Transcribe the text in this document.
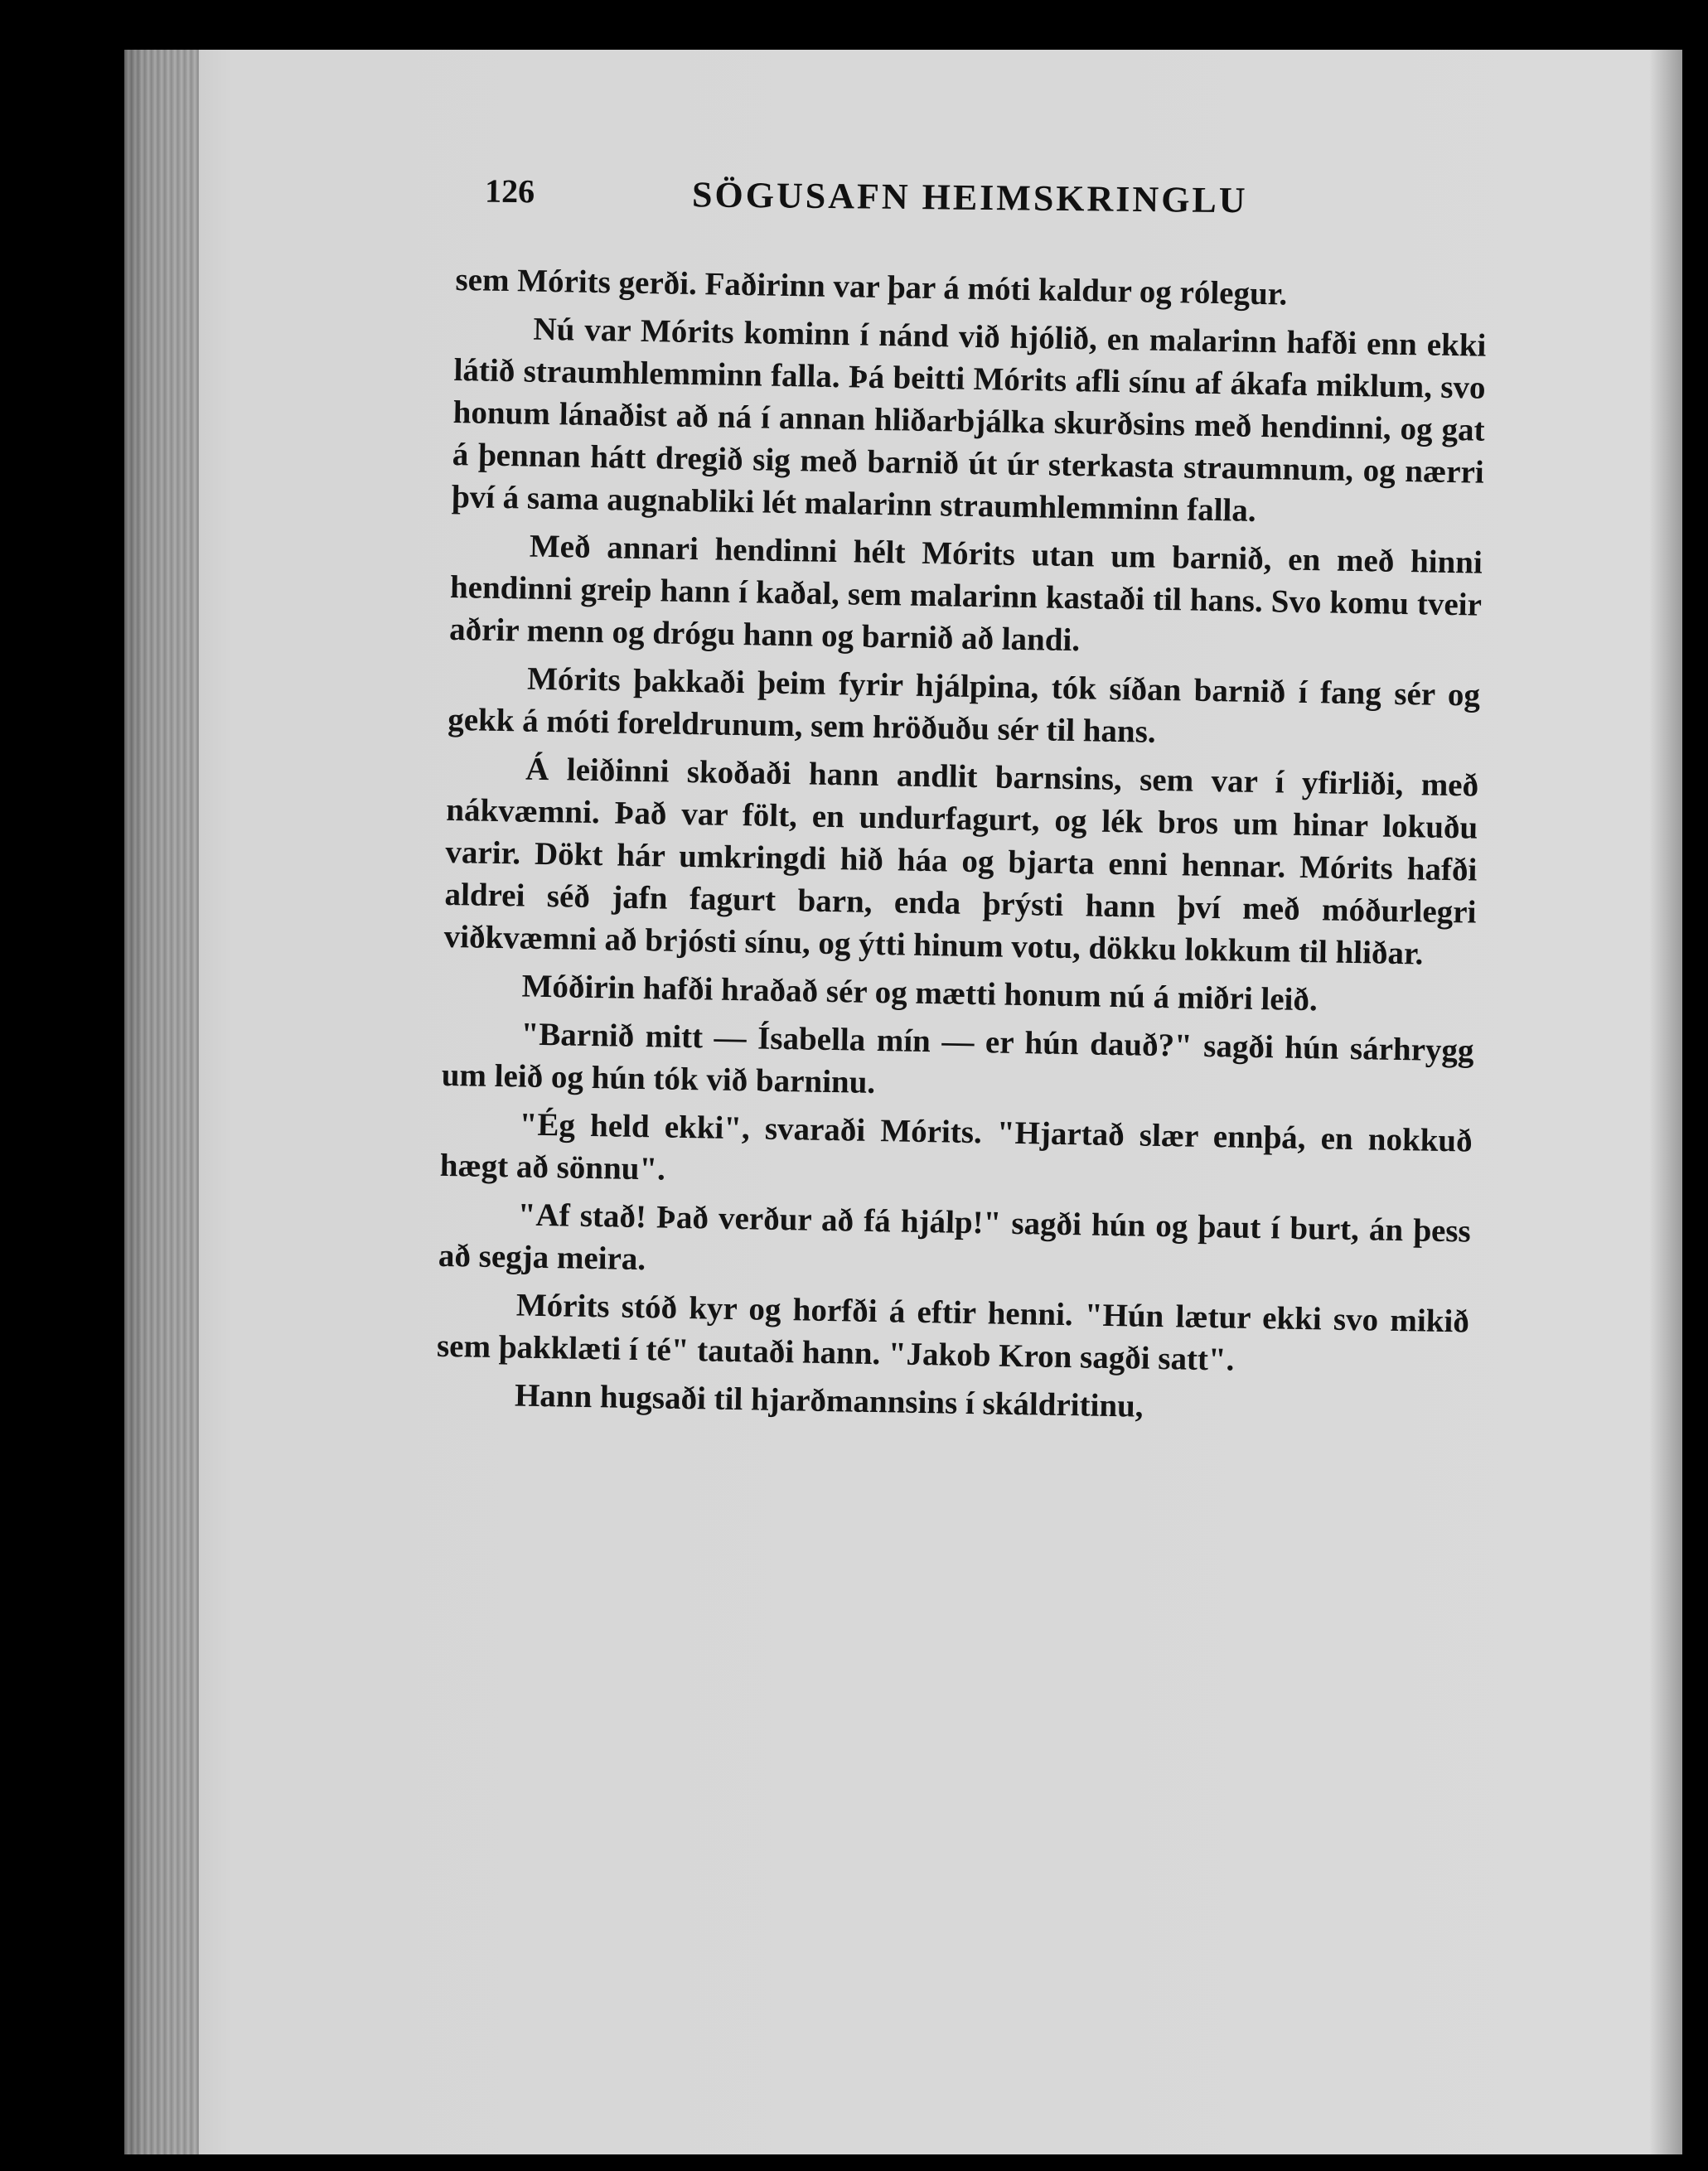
126	SÖGUSAFN HEIMSKRINGLU

sem Mórits gerði. Faðirinn var þar á móti kaldur og rólegur.

Nú var Mórits kominn í nánd við hjólið, en malarinn hafði enn ekki látið straumhlemminn falla. Þá beitti Mórits afli sínu af ákafa miklum, svo honum lánaðist að ná í annan hliðarbjálka skurðsins með hendinni, og gat á þennan hátt dregið sig með barnið út úr sterkasta straumnum, og nærri því á sama augnabliki lét malarinn straumhlemminn falla.

Með annari hendinni hélt Mórits utan um barnið, en með hinni hendinni greip hann í kaðal, sem malarinn kastaði til hans. Svo komu tveir aðrir menn og drógu hann og barnið að landi.

Mórits þakkaði þeim fyrir hjálpina, tók síðan barnið í fang sér og gekk á móti foreldrunum, sem hröðuðu sér til hans.

Á leiðinni skoðaði hann andlit barnsins, sem var í yfirliði, með nákvæmni. Það var fölt, en undurfagurt, og lék bros um hinar lokuðu varir. Dökt hár umkringdi hið háa og bjarta enni hennar. Mórits hafði aldrei séð jafn fagurt barn, enda þrýsti hann því með móðurlegri viðkvæmni að brjósti sínu, og ýtti hinum votu, dökku lokkum til hliðar.

Móðirin hafði hraðað sér og mætti honum nú á miðri leið.

"Barnið mitt — Ísabella mín — er hún dauð?" sagði hún sárhrygg um leið og hún tók við barninu.

"Ég held ekki", svaraði Mórits. "Hjartað slær ennþá, en nokkuð hægt að sönnu".

"Af stað! Það verður að fá hjálp!" sagði hún og þaut í burt, án þess að segja meira.

Mórits stóð kyr og horfði á eftir henni. "Hún lætur ekki svo mikið sem þakklæti í té" tautaði hann. "Jakob Kron sagði satt".

Hann hugsaði til hjarðmannsins í skáldritinu,
